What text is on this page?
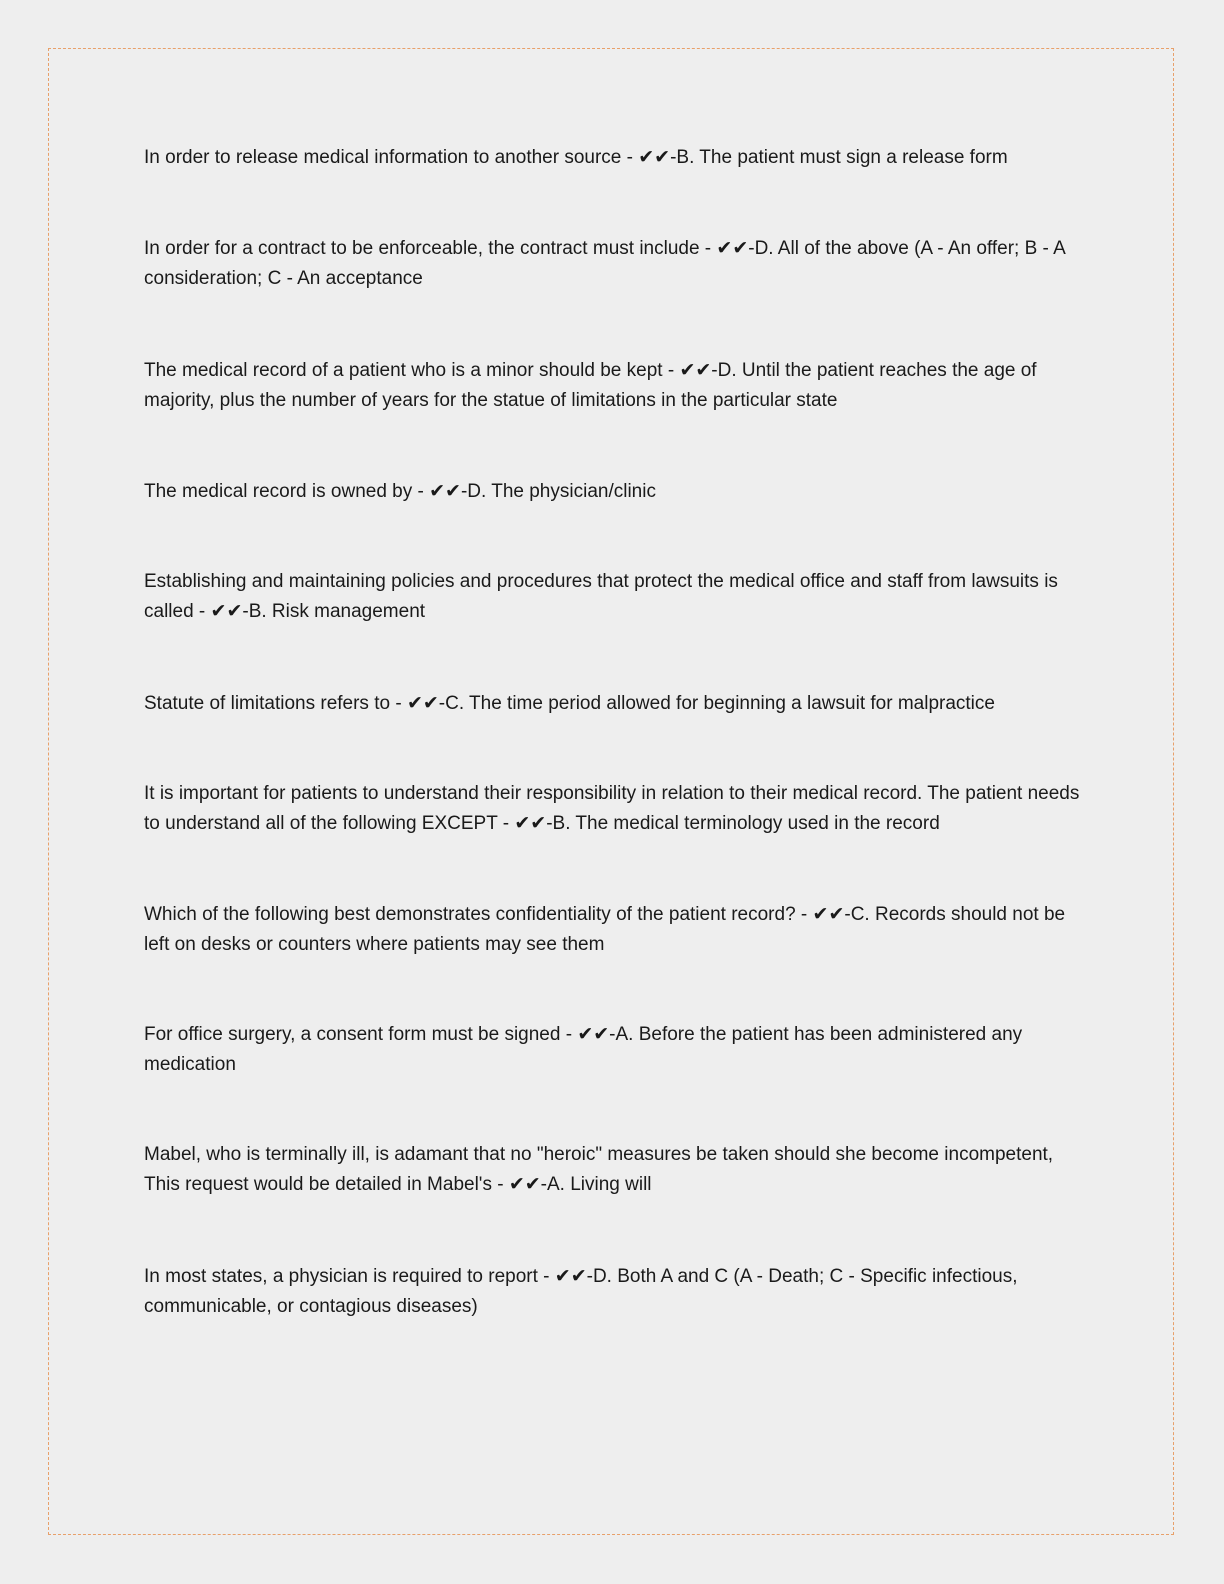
In order to release medical information to another source - ✔✔-B. The patient must sign a release form
In order for a contract to be enforceable, the contract must include - ✔✔-D. All of the above (A - An offer; B - A consideration; C - An acceptance
The medical record of a patient who is a minor should be kept - ✔✔-D. Until the patient reaches the age of majority, plus the number of years for the statue of limitations in the particular state
The medical record is owned by - ✔✔-D. The physician/clinic
Establishing and maintaining policies and procedures that protect the medical office and staff from lawsuits is called - ✔✔-B. Risk management
Statute of limitations refers to - ✔✔-C. The time period allowed for beginning a lawsuit for malpractice
It is important for patients to understand their responsibility in relation to their medical record. The patient needs to understand all of the following EXCEPT - ✔✔-B. The medical terminology used in the record
Which of the following best demonstrates confidentiality of the patient record? - ✔✔-C. Records should not be left on desks or counters where patients may see them
For office surgery, a consent form must be signed - ✔✔-A. Before the patient has been administered any medication
Mabel, who is terminally ill, is adamant that no "heroic" measures be taken should she become incompetent, This request would be detailed in Mabel's - ✔✔-A. Living will
In most states, a physician is required to report - ✔✔-D. Both A and C (A - Death; C - Specific infectious, communicable, or contagious diseases)
